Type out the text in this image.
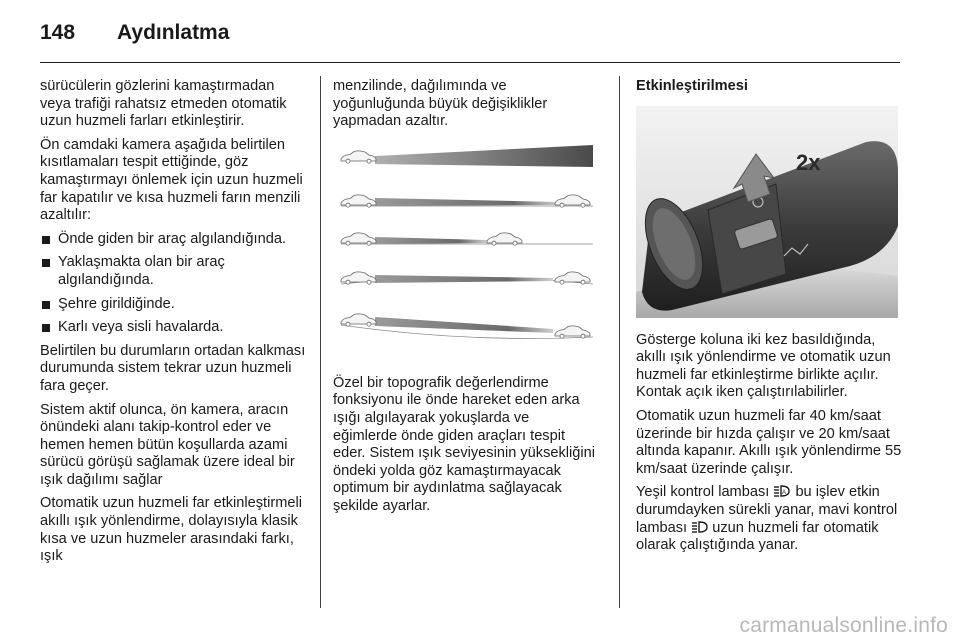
148	Aydınlatma

sürücülerin gözlerini kamaştırmadan veya trafiği rahatsız etmeden otomatik uzun huzmeli farları etkinleştirir.

Ön camdaki kamera aşağıda belirtilen kısıtlamaları tespit ettiğinde, göz kamaştırmayı önlemek için uzun huzmeli far kapatılır ve kısa huzmeli farın menzili azaltılır:

Önde giden bir araç algılandığında.
Yaklaşmakta olan bir araç algılandığında.
Şehre girildiğinde.
Karlı veya sisli havalarda.

Belirtilen bu durumların ortadan kalkması durumunda sistem tekrar uzun huzmeli fara geçer.

Sistem aktif olunca, ön kamera, aracın önündeki alanı takip-kontrol eder ve hemen hemen bütün koşullarda azami sürücü görüşü sağlamak üzere ideal bir ışık dağılımı sağlar

Otomatik uzun huzmeli far etkinleştirmeli akıllı ışık yönlendirme, dolayısıyla klasik kısa ve uzun huzmeler arasındaki farkı, ışık

menzilinde, dağılımında ve yoğunluğunda büyük değişiklikler yapmadan azaltır.

Özel bir topografik değerlendirme fonksiyonu ile önde hareket eden arka ışığı algılayarak yokuşlarda ve eğimlerde önde giden araçları tespit eder. Sistem ışık seviyesinin yüksekliğini öndeki yolda göz kamaştırmayacak optimum bir aydınlatma sağlayacak şekilde ayarlar.

Etkinleştirilmesi
2x

Gösterge koluna iki kez basıldığında, akıllı ışık yönlendirme ve otomatik uzun huzmeli far etkinleştirme birlikte açılır. Kontak açık iken çalıştırılabilirler.

Otomatik uzun huzmeli far 40 km/saat üzerinde bir hızda çalışır ve 20 km/saat altında kapanır. Akıllı ışık yönlendirme 55 km/saat üzerinde çalışır.

Yeşil kontrol lambası A bu işlev etkin durumdayken sürekli yanar, mavi kontrol lambası uzun huzmeli far otomatik olarak çalıştığında yanar.

carmanualsonline.info
